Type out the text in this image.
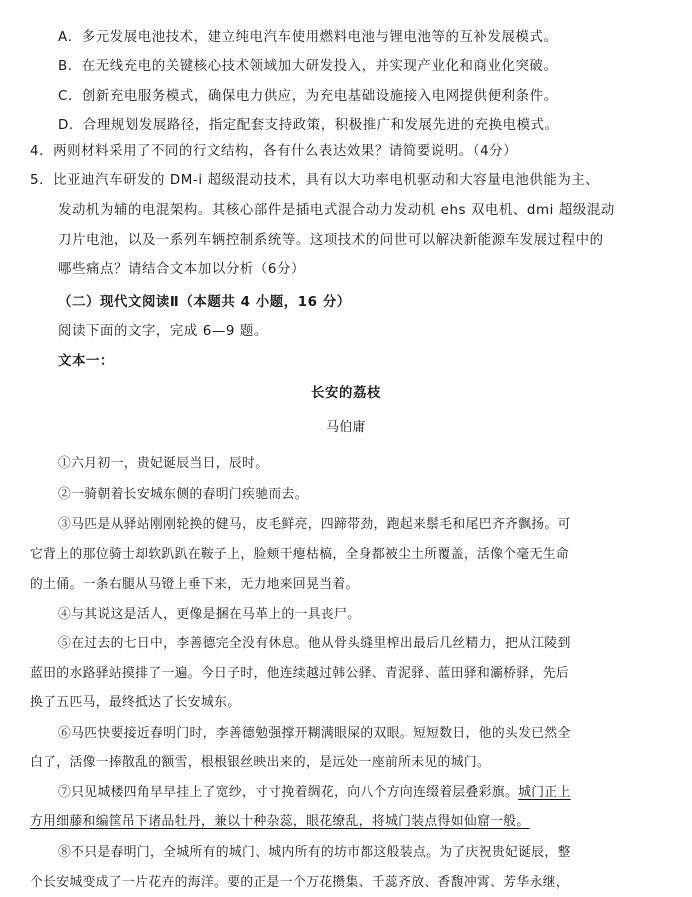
A．多元发展电池技术，建立纯电汽车使用燃料电池与锂电池等的互补发展模式。
B．在无线充电的关键核心技术领域加大研发投入，并实现产业化和商业化突破。
C．创新充电服务模式，确保电力供应，为充电基础设施接入电网提供便利条件。
D．合理规划发展路径，指定配套支持政策，积极推广和发展先进的充换电模式。
4．两则材料采用了不同的行文结构，各有什么表达效果？请简要说明。（4分）
5．比亚迪汽车研发的 DM-i 超级混动技术，具有以大功率电机驱动和大容量电池供能为主、
发动机为辅的电混架构。其核心部件是插电式混合动力发动机 ehs 双电机、dmi 超级混动
刀片电池，以及一系列车辆控制系统等。这项技术的问世可以解决新能源车发展过程中的
哪些痛点？请结合文本加以分析（6分）
（二）现代文阅读Ⅱ（本题共 4 小题，16 分）
阅读下面的文字，完成 6—9 题。
文本一：
长安的荔枝
马伯庸
①六月初一，贵妃诞辰当日，辰时。
②一骑朝着长安城东侧的春明门疾驰而去。
③马匹是从驿站刚刚轮换的健马，皮毛鲜亮，四蹄带劲，跑起来鬃毛和尾巴齐齐飘扬。可
它背上的那位骑士却软趴趴在鞍子上，脸颊干瘪枯槁，全身都被尘土所覆盖，活像个毫无生命
的土俑。一条右腿从马镫上垂下来，无力地来回晃当着。
④与其说这是活人，更像是捆在马革上的一具丧尸。
⑤在过去的七日中，李善德完全没有休息。他从骨头缝里榨出最后几丝精力，把从江陵到
蓝田的水路驿站摸排了一遍。今日子时，他连续越过韩公驿、青泥驿、蓝田驿和灞桥驿，先后
换了五匹马，最终抵达了长安城东。
⑥马匹快要接近春明门时，李善德勉强撑开糊满眼屎的双眼。短短数日，他的头发已然全
白了，活像一捧散乱的额雪，根根银丝映出来的，是远处一座前所未见的城门。
⑦只见城楼四角早早挂上了宽纱，寸寸挽着绸花，向八个方向连缀着层叠彩旗。城门正上
方用细藤和编筐吊下诸品牡丹，兼以十种杂蕊，眼花缭乱，将城门装点得如仙窟一般。
⑧不只是春明门，全城所有的城门、城内所有的坊市都这般装点。为了庆祝贵妃诞辰，整
个长安城变成了一片花卉的海洋。要的正是一个万花攒集、千蕊齐放、香馥冲霄、芳华永继，
